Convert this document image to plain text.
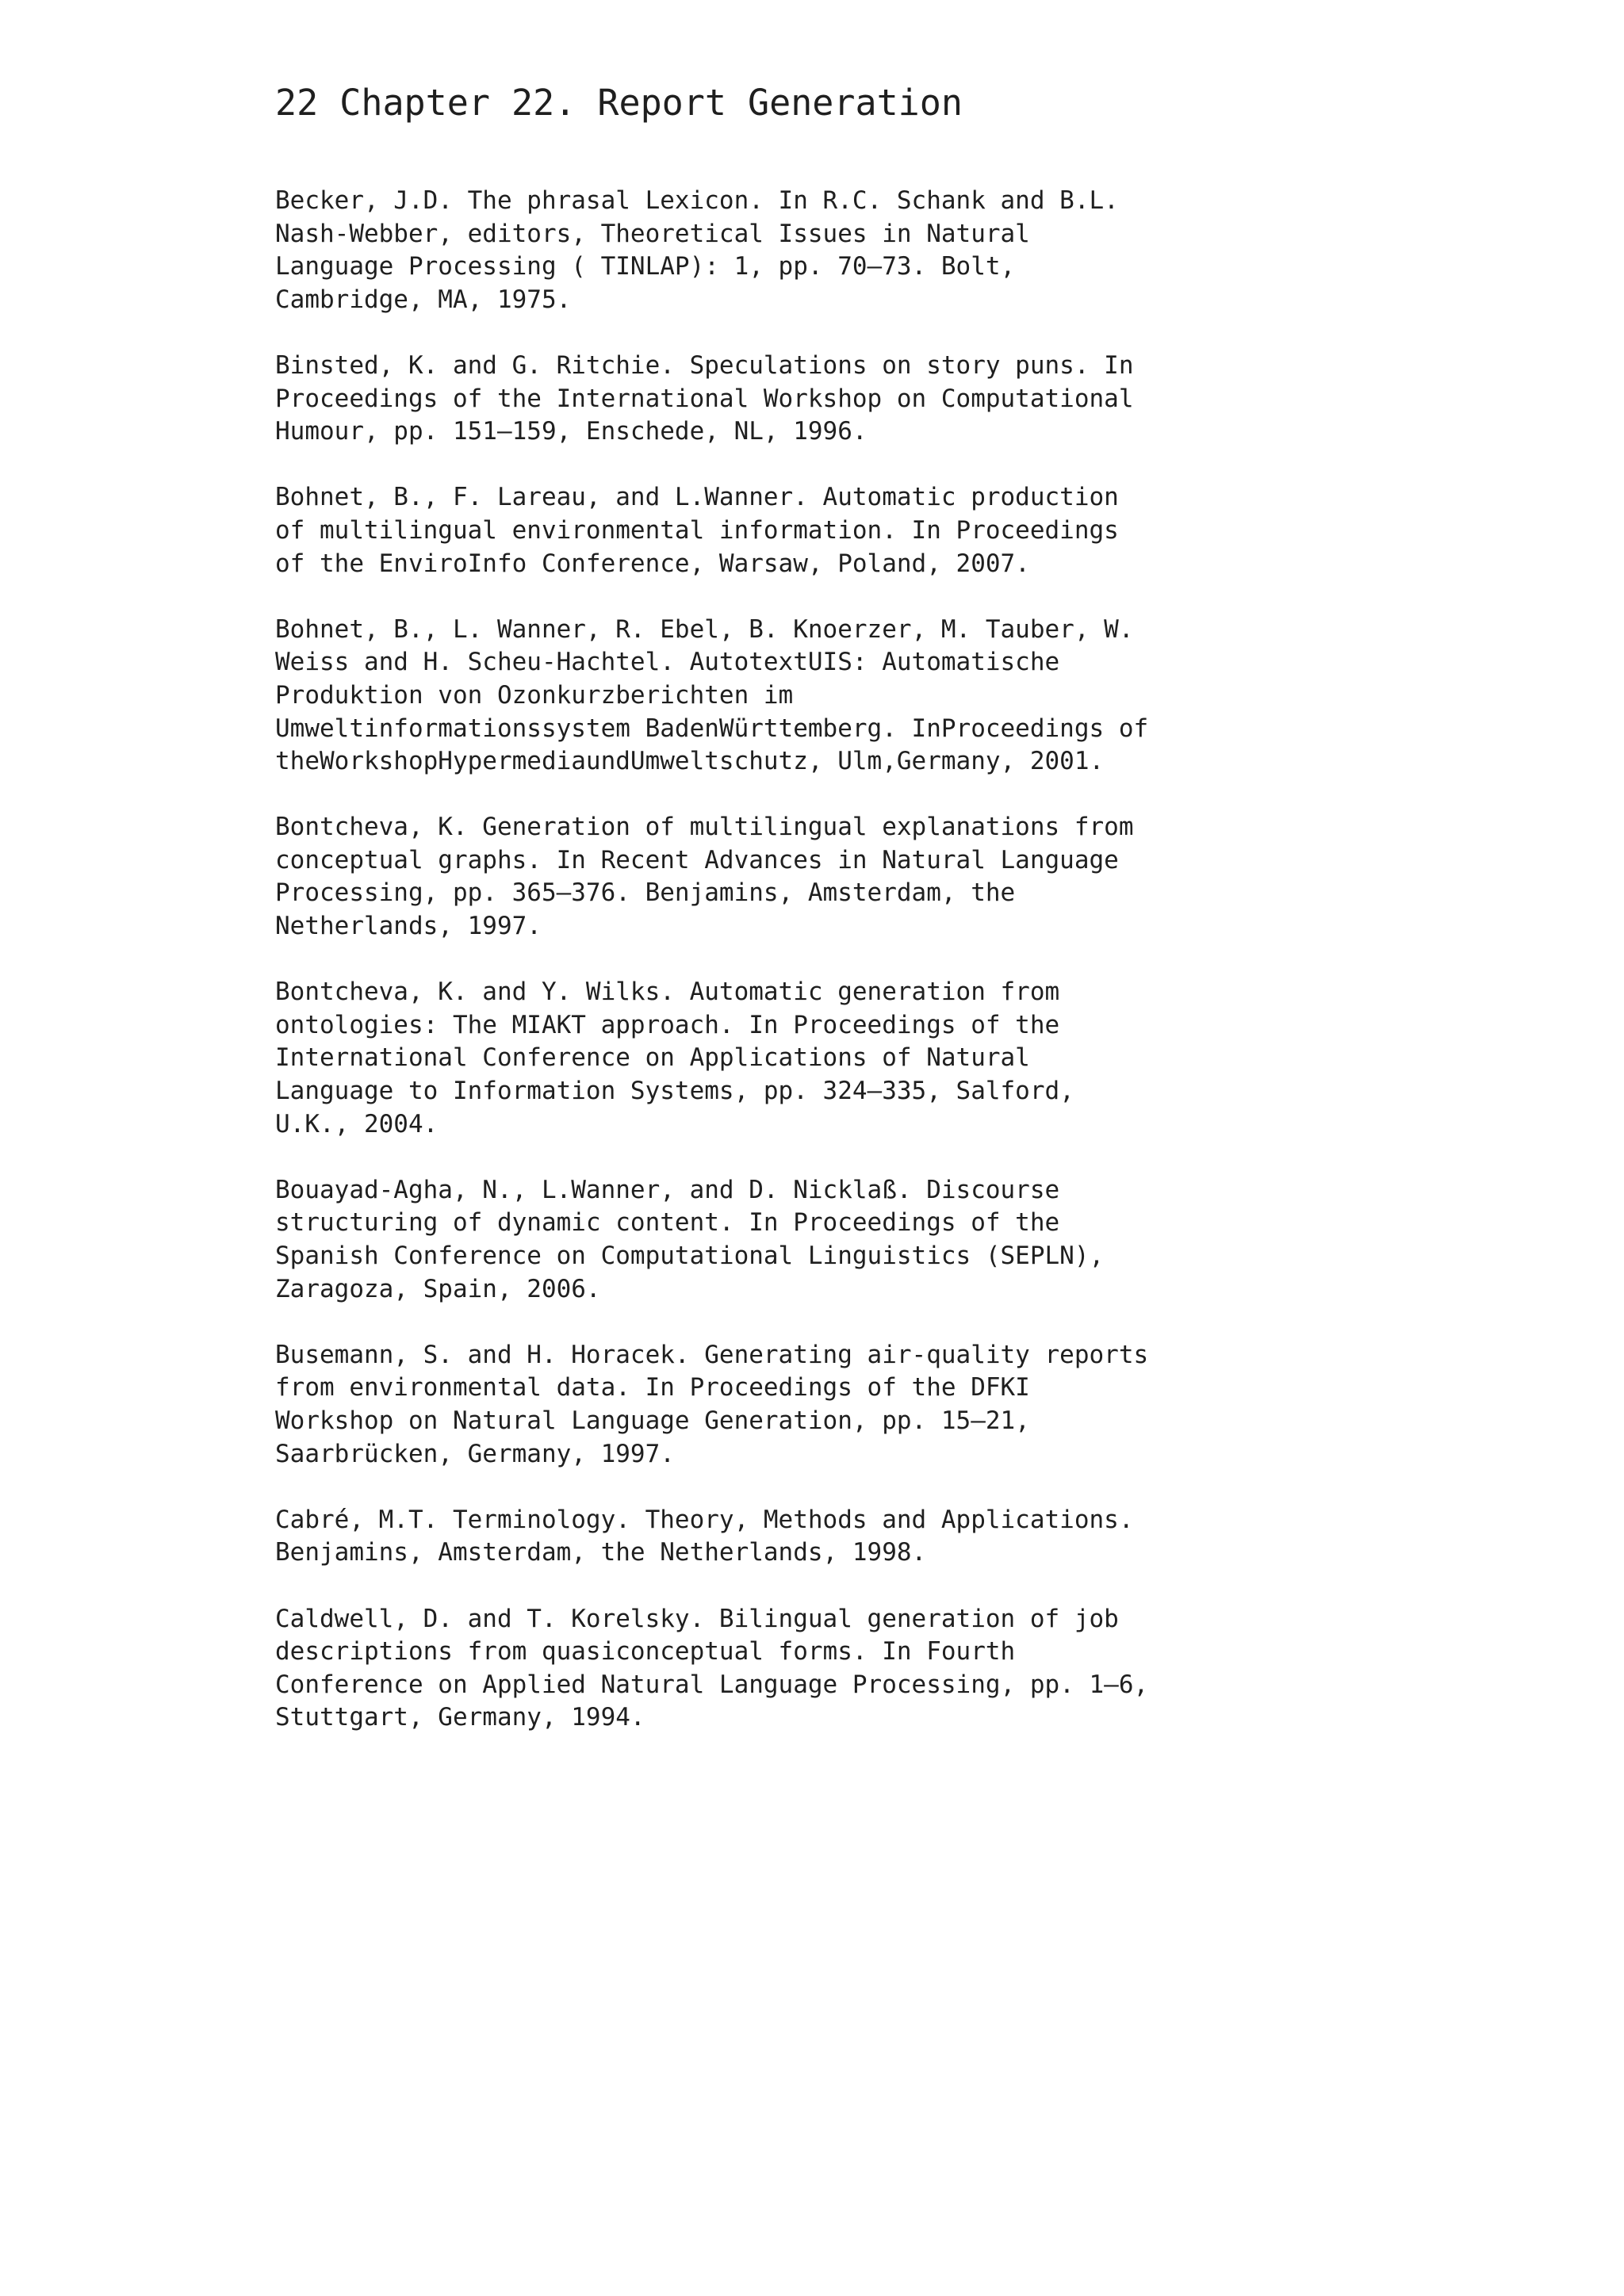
22 Chapter 22. Report Generation
Becker, J.D. The phrasal Lexicon. In R.C. Schank and B.L.
Nash-Webber, editors, Theoretical Issues in Natural
Language Processing ( TINLAP): 1, pp. 70–73. Bolt,
Cambridge, MA, 1975.
Binsted, K. and G. Ritchie. Speculations on story puns. In
Proceedings of the International Workshop on Computational
Humour, pp. 151–159, Enschede, NL, 1996.
Bohnet, B., F. Lareau, and L.Wanner. Automatic production
of multilingual environmental information. In Proceedings
of the EnviroInfo Conference, Warsaw, Poland, 2007.
Bohnet, B., L. Wanner, R. Ebel, B. Knoerzer, M. Tauber, W.
Weiss and H. Scheu-Hachtel. AutotextUIS: Automatische
Produktion von Ozonkurzberichten im
Umweltinformationssystem BadenWürttemberg. InProceedings of
theWorkshopHypermediaundUmweltschutz, Ulm,Germany, 2001.
Bontcheva, K. Generation of multilingual explanations from
conceptual graphs. In Recent Advances in Natural Language
Processing, pp. 365–376. Benjamins, Amsterdam, the
Netherlands, 1997.
Bontcheva, K. and Y. Wilks. Automatic generation from
ontologies: The MIAKT approach. In Proceedings of the
International Conference on Applications of Natural
Language to Information Systems, pp. 324–335, Salford,
U.K., 2004.
Bouayad-Agha, N., L.Wanner, and D. Nicklaß. Discourse
structuring of dynamic content. In Proceedings of the
Spanish Conference on Computational Linguistics (SEPLN),
Zaragoza, Spain, 2006.
Busemann, S. and H. Horacek. Generating air-quality reports
from environmental data. In Proceedings of the DFKI
Workshop on Natural Language Generation, pp. 15–21,
Saarbrücken, Germany, 1997.
Cabré, M.T. Terminology. Theory, Methods and Applications.
Benjamins, Amsterdam, the Netherlands, 1998.
Caldwell, D. and T. Korelsky. Bilingual generation of job
descriptions from quasiconceptual forms. In Fourth
Conference on Applied Natural Language Processing, pp. 1–6,
Stuttgart, Germany, 1994.
